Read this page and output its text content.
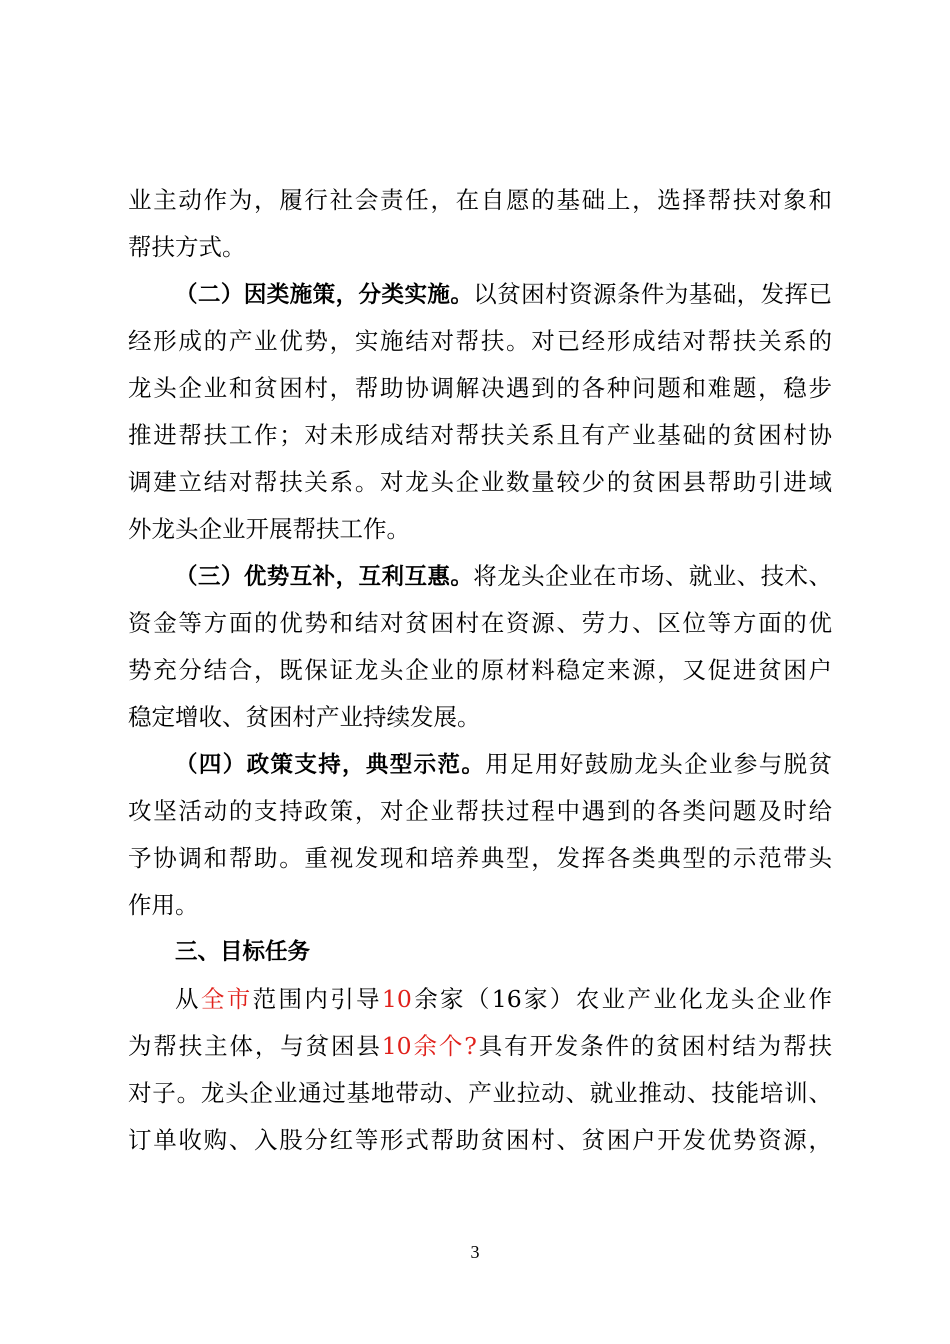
业主动作为，履行社会责任，在自愿的基础上，选择帮扶对象和
帮扶方式。
（二）因类施策，分类实施。以贫困村资源条件为基础，发挥已
经形成的产业优势，实施结对帮扶。对已经形成结对帮扶关系的
龙头企业和贫困村，帮助协调解决遇到的各种问题和难题，稳步
推进帮扶工作；对未形成结对帮扶关系且有产业基础的贫困村协
调建立结对帮扶关系。对龙头企业数量较少的贫困县帮助引进域
外龙头企业开展帮扶工作。
（三）优势互补，互利互惠。将龙头企业在市场、就业、技术、
资金等方面的优势和结对贫困村在资源、劳力、区位等方面的优
势充分结合，既保证龙头企业的原材料稳定来源，又促进贫困户
稳定增收、贫困村产业持续发展。
（四）政策支持，典型示范。用足用好鼓励龙头企业参与脱贫
攻坚活动的支持政策，对企业帮扶过程中遇到的各类问题及时给
予协调和帮助。重视发现和培养典型，发挥各类典型的示范带头
作用。
三、目标任务
从全市范围内引导10余家（16家）农业产业化龙头企业作
为帮扶主体，与贫困县10余个?具有开发条件的贫困村结为帮扶
对子。龙头企业通过基地带动、产业拉动、就业推动、技能培训、
订单收购、入股分红等形式帮助贫困村、贫困户开发优势资源，
3
